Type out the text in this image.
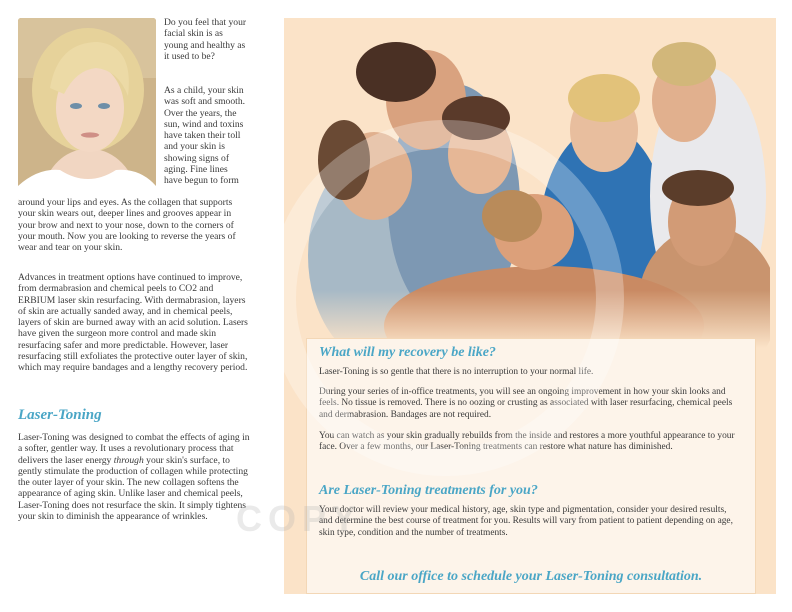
Do you feel that your facial skin is as young and healthy as it used to be?

As a child, your skin was soft and smooth. Over the years, the sun, wind and toxins have taken their toll and your skin is showing signs of aging. Fine lines have begun to form

around your lips and eyes. As the collagen that supports your skin wears out, deeper lines and grooves appear in your brow and next to your nose, down to the corners of your mouth. Now you are looking to reverse the years of wear and tear on your skin.

Advances in treatment options have continued to improve, from dermabrasion and chemical peels to CO2 and ERBIUM laser skin resurfacing. With dermabrasion, layers of skin are actually sanded away, and in chemical peels, layers of skin are burned away with an acid solution. Lasers have given the surgeon more control and made skin resurfacing safer and more predictable. However, laser resurfacing still exfoliates the protective outer layer of skin, which may require bandages and a lengthy recovery period.

Laser-Toning

Laser-Toning was designed to combat the effects of aging in a softer, gentler way. It uses a revolutionary process that delivers the laser energy through your skin's surface, to gently stimulate the production of collagen while protecting the outer layer of your skin. The new collagen softens the appearance of aging skin. Unlike laser and chemical peels, Laser-Toning does not resurface the skin. It simply tightens your skin to diminish the appearance of wrinkles.

What will my recovery be like?

Laser-Toning is so gentle that there is no interruption to your normal life.

During your series of in-office treatments, you will see an ongoing improvement in how your skin looks and feels. No tissue is removed. There is no oozing or crusting as associated with laser resurfacing, chemical peels and dermabrasion. Bandages are not required.

You can watch as your skin gradually rebuilds from the inside and restores a more youthful appearance to your face. Over a few months, our Laser-Toning treatments can restore what nature has diminished.

Are Laser-Toning treatments for you?

Your doctor will review your medical history, age, skin type and pigmentation, consider your desired results, and determine the best course of treatment for you. Results will vary from patient to patient depending on age, skin type, condition and the number of treatments.

Call our office to schedule your Laser-Toning consultation.

COPY
